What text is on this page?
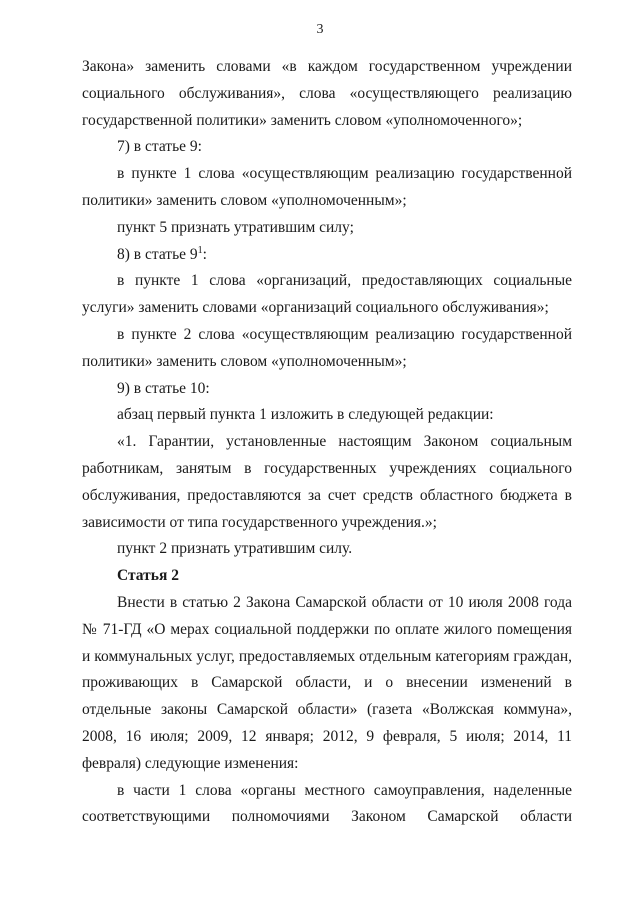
3

Закона» заменить словами «в каждом государственном учреждении социального обслуживания», слова «осуществляющего реализацию государственной политики» заменить словом «уполномоченного»;

7) в статье 9:

в пункте 1 слова «осуществляющим реализацию государственной политики» заменить словом «уполномоченным»;

пункт 5 признать утратившим силу;

8) в статье $9^1$:

в пункте 1 слова «организаций, предоставляющих социальные услуги» заменить словами «организаций социального обслуживания»;

в пункте 2 слова «осуществляющим реализацию государственной политики» заменить словом «уполномоченным»;

9) в статье 10:

абзац первый пункта 1 изложить в следующей редакции:

«1. Гарантии, установленные настоящим Законом социальным работникам, занятым в государственных учреждениях социального обслуживания, предоставляются за счет средств областного бюджета в зависимости от типа государственного учреждения.»;

пункт 2 признать утратившим силу.

Статья 2

Внести в статью 2 Закона Самарской области от 10 июля 2008 года № 71-ГД «О мерах социальной поддержки по оплате жилого помещения и коммунальных услуг, предоставляемых отдельным категориям граждан, проживающих в Самарской области, и о внесении изменений в отдельные законы Самарской области» (газета «Волжская коммуна», 2008, 16 июля; 2009, 12 января; 2012, 9 февраля, 5 июля; 2014, 11 февраля) следующие изменения:

в части 1 слова «органы местного самоуправления, наделенные соответствующими полномочиями Законом Самарской области
